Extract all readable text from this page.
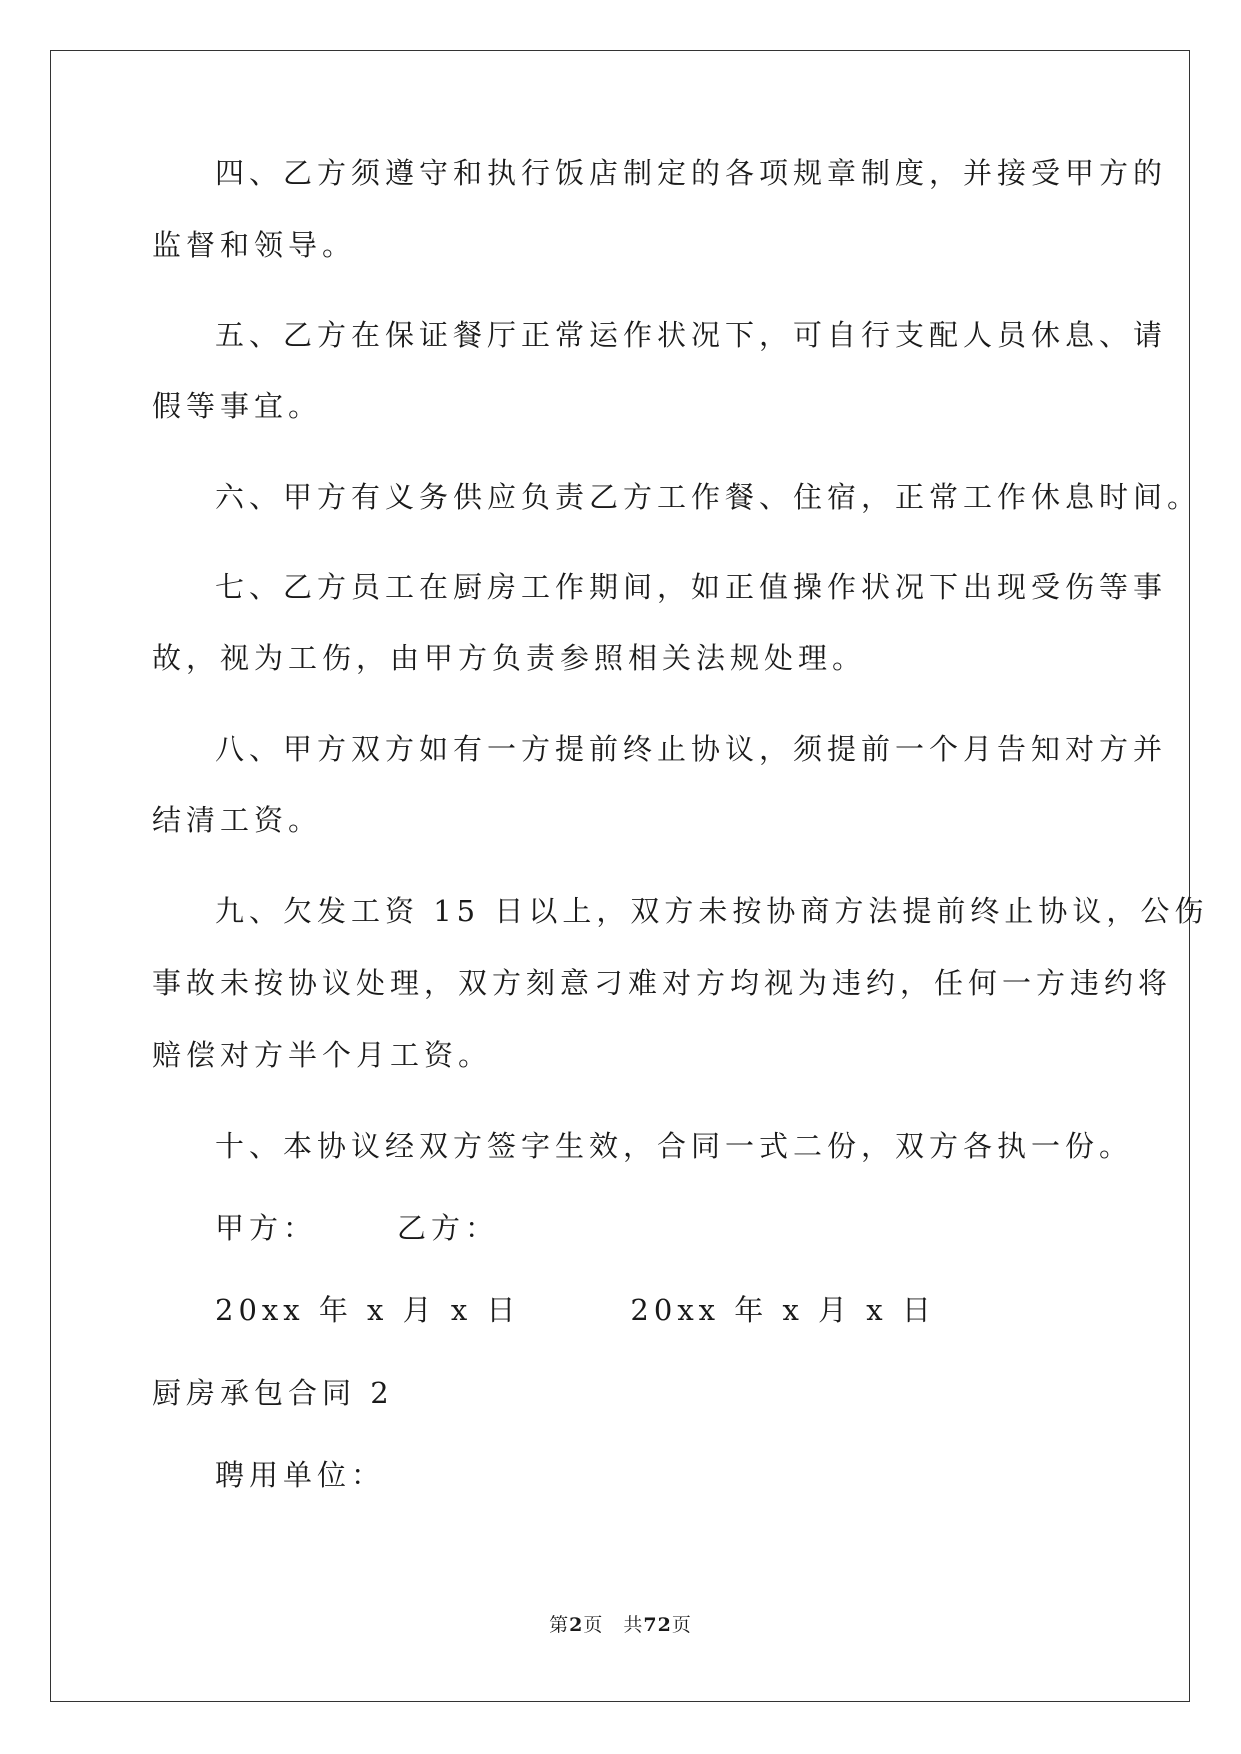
四、乙方须遵守和执行饭店制定的各项规章制度，并接受甲方的
监督和领导。
五、乙方在保证餐厅正常运作状况下，可自行支配人员休息、请
假等事宜。
六、甲方有义务供应负责乙方工作餐、住宿，正常工作休息时间。
七、乙方员工在厨房工作期间，如正值操作状况下出现受伤等事
故，视为工伤，由甲方负责参照相关法规处理。
八、甲方双方如有一方提前终止协议，须提前一个月告知对方并
结清工资。
九、欠发工资 15 日以上，双方未按协商方法提前终止协议，公伤
事故未按协议处理，双方刻意刁难对方均视为违约，任何一方违约将
赔偿对方半个月工资。
十、本协议经双方签字生效，合同一式二份，双方各执一份。
甲方：	乙方：
20xx 年 x 月 x 日	20xx 年 x 月 x 日
厨房承包合同 2
聘用单位：
第2页　共72页
